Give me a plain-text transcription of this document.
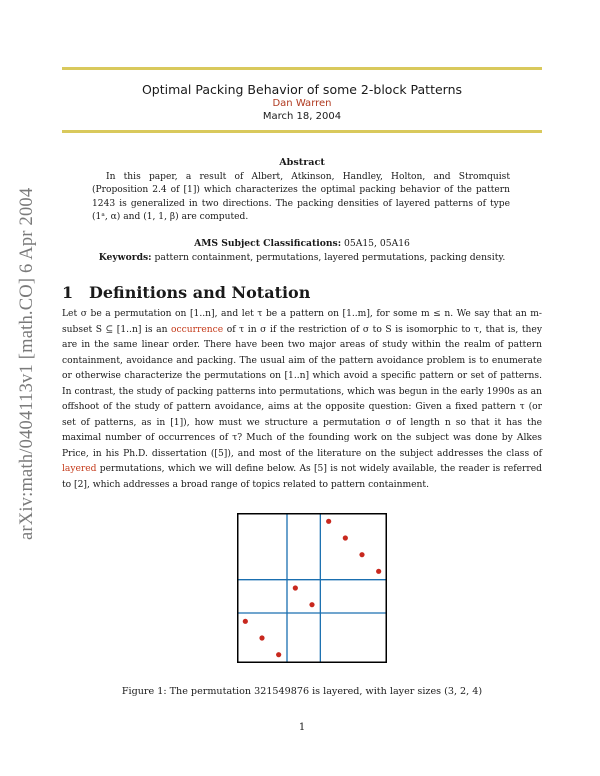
arXiv:math/0404113v1 [math.CO] 6 Apr 2004
Optimal Packing Behavior of some 2-block Patterns
Dan Warren
March 18, 2004
Abstract
In this paper, a result of Albert, Atkinson, Handley, Holton, and Stromquist (Proposition 2.4 of [1]) which characterizes the optimal packing behavior of the pattern 1243 is generalized in two directions. The packing densities of layered patterns of type (1ᵃ, α) and (1, 1, β) are computed.
AMS Subject Classifications: 05A15, 05A16
Keywords: pattern containment, permutations, layered permutations, packing density.
1 Definitions and Notation
Let σ be a permutation on [1..n], and let τ be a pattern on [1..m], for some m ≤ n. We say that an m-subset S ⊆ [1..n] is an occurrence of τ in σ if the restriction of σ to S is isomorphic to τ, that is, they are in the same linear order. There have been two major areas of study within the realm of pattern containment, avoidance and packing. The usual aim of the pattern avoidance problem is to enumerate or otherwise characterize the permutations on [1..n] which avoid a specific pattern or set of patterns. In contrast, the study of packing patterns into permutations, which was begun in the early 1990s as an offshoot of the study of pattern avoidance, aims at the opposite question: Given a fixed pattern τ (or set of patterns, as in [1]), how must we structure a permutation σ of length n so that it has the maximal number of occurrences of τ? Much of the founding work on the subject was done by Alkes Price, in his Ph.D. dissertation ([5]), and most of the literature on the subject addresses the class of layered permutations, which we will define below. As [5] is not widely available, the reader is referred to [2], which addresses a broad range of topics related to pattern containment.
Figure 1: The permutation 321549876 is layered, with layer sizes (3, 2, 4)
1
